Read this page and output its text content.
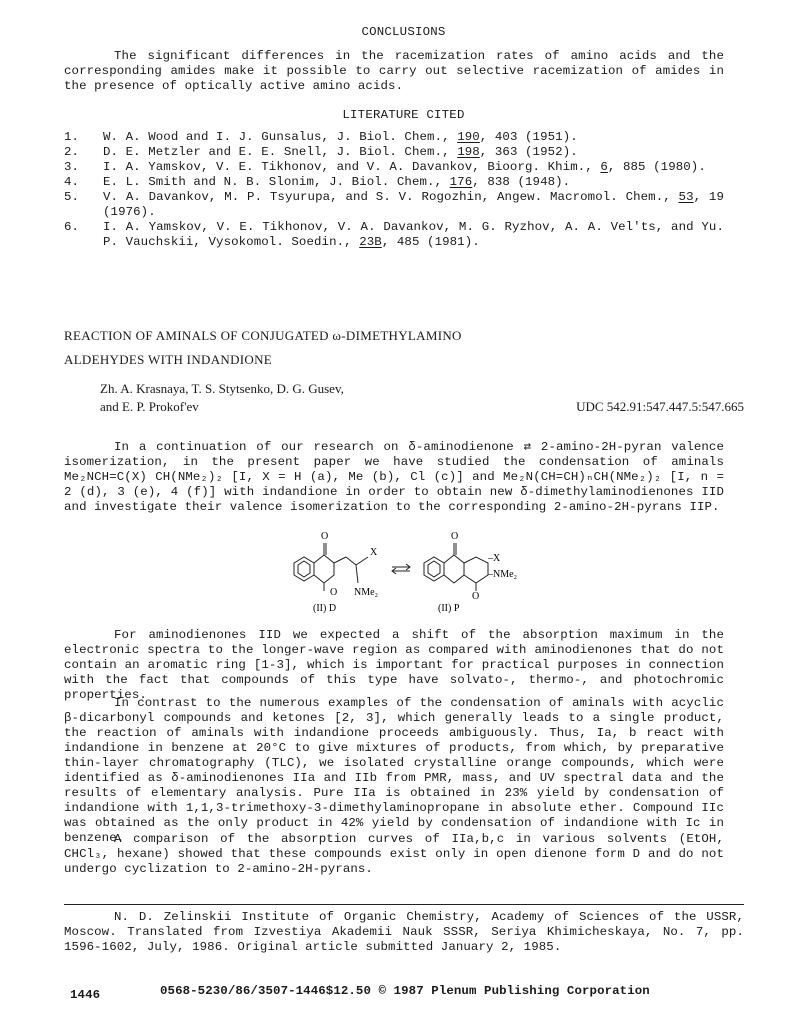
CONCLUSIONS

The significant differences in the racemization rates of amino acids and the corresponding amides make it possible to carry out selective racemization of amides in the presence of optically active amino acids.

LITERATURE CITED
1. W. A. Wood and I. J. Gunsalus, J. Biol. Chem., 190, 403 (1951).
2. D. E. Metzler and E. E. Snell, J. Biol. Chem., 198, 363 (1952).
3. I. A. Yamskov, V. E. Tikhonov, and V. A. Davankov, Bioorg. Khim., 6, 885 (1980).
4. E. L. Smith and N. B. Slonim, J. Biol. Chem., 176, 838 (1948).
5. V. A. Davankov, M. P. Tsyurupa, and S. V. Rogozhin, Angew. Macromol. Chem., 53, 19 (1976).
6. I. A. Yamskov, V. E. Tikhonov, V. A. Davankov, M. G. Ryzhov, A. A. Vel'ts, and Yu. P. Vauchskii, Vysokomol. Soedin., 23B, 485 (1981).
REACTION OF AMINALS OF CONJUGATED ω-DIMETHYLAMINO
ALDEHYDES WITH INDANDIONE
Zh. A. Krasnaya, T. S. Stytsenko, D. G. Gusev,
and E. P. Prokof'ev	UDC 542.91:547.447.5:547.665

In a continuation of our research on δ-aminodienone ⇄ 2-amino-2H-pyran valence isomerization, in the present paper we have studied the condensation of aminals Me₂NCH=C(X) CH(NMe₂)₂ [I, X = H (a), Me (b), Cl (c)] and Me₂N(CH=CH)ₙCH(NMe₂)₂ [I, n = 2 (d), 3 (e), 4 (f)] with indandione in order to obtain new δ-dimethylaminodienones IID and investigate their valence isomerization to the corresponding 2-amino-2H-pyrans IIP.

O
X
O NMe₂
(II) D
O
–X
–NMe₂
O
(II) P

For aminodienones IID we expected a shift of the absorption maximum in the electronic spectra to the longer-wave region as compared with aminodienones that do not contain an aromatic ring [1-3], which is important for practical purposes in connection with the fact that compounds of this type have solvato-, thermo-, and photochromic properties.

In contrast to the numerous examples of the condensation of aminals with acyclic β-dicarbonyl compounds and ketones [2, 3], which generally leads to a single product, the reaction of aminals with indandione proceeds ambiguously. Thus, Ia, b react with indandione in benzene at 20°C to give mixtures of products, from which, by preparative thin-layer chromatography (TLC), we isolated crystalline orange compounds, which were identified as δ-aminodienones IIa and IIb from PMR, mass, and UV spectral data and the results of elementary analysis. Pure IIa is obtained in 23% yield by condensation of indandione with 1,1,3-trimethoxy-3-dimethylaminopropane in absolute ether. Compound IIc was obtained as the only product in 42% yield by condensation of indandione with Ic in benzene.

A comparison of the absorption curves of IIa,b,c in various solvents (EtOH, CHCl₃, hexane) showed that these compounds exist only in open dienone form D and do not undergo cyclization to 2-amino-2H-pyrans.

N. D. Zelinskii Institute of Organic Chemistry, Academy of Sciences of the USSR, Moscow. Translated from Izvestiya Akademii Nauk SSSR, Seriya Khimicheskaya, No. 7, pp. 1596-1602, July, 1986. Original article submitted January 2, 1985.

1446	0568-5230/86/3507-1446$12.50 © 1987 Plenum Publishing Corporation
